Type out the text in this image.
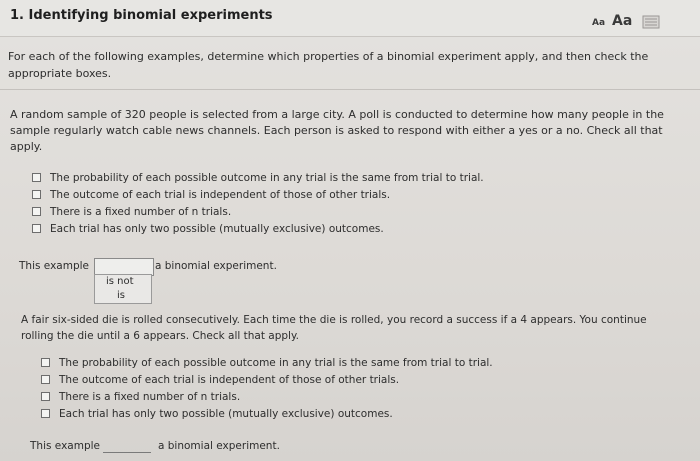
1. Identifying binomial experiments	Aa Aa
For each of the following examples, determine which properties of a binomial experiment apply, and then check the appropriate boxes.
A random sample of 320 people is selected from a large city. A poll is conducted to determine how many people in the sample regularly watch cable news channels. Each person is asked to respond with either a yes or a no. Check all that apply.
The probability of each possible outcome in any trial is the same from trial to trial.
The outcome of each trial is independent of those of other trials.
There is a fixed number of n trials.
Each trial has only two possible (mutually exclusive) outcomes.
This example	a binomial experiment.
is not
is
A fair six-sided die is rolled consecutively. Each time the die is rolled, you record a success if a 4 appears. You continue rolling the die until a 6 appears. Check all that apply.
The probability of each possible outcome in any trial is the same from trial to trial.
The outcome of each trial is independent of those of other trials.
There is a fixed number of n trials.
Each trial has only two possible (mutually exclusive) outcomes.
This example	a binomial experiment.
